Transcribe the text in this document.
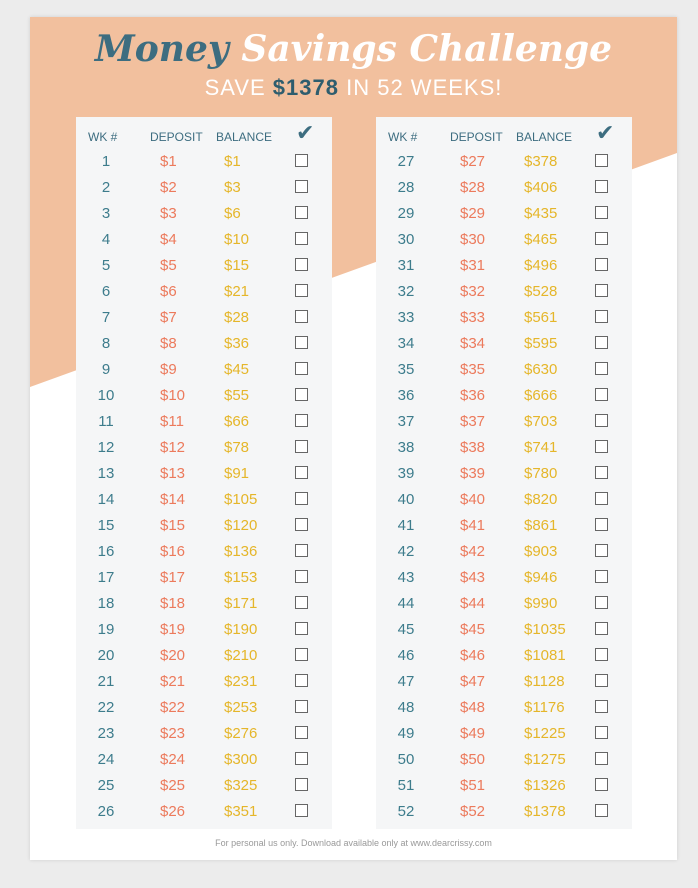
Money Savings Challenge
SAVE $1378 IN 52 WEEKS!
WK #	DEPOSIT BALANCE ✔
1	$1	$1
2	$2	$3
3	$3	$6
4	$4	$10
5	$5	$15
6	$6	$21
7	$7	$28
8	$8	$36
9	$9	$45
10	$10	$55
11	$11	$66
12	$12	$78
13	$13	$91
14	$14	$105
15	$15	$120
16	$16	$136
17	$17	$153
18	$18	$171
19	$19	$190
20	$20	$210
21	$21	$231
22	$22	$253
23	$23	$276
24	$24	$300
25	$25	$325
26	$26	$351
WK #	DEPOSIT BALANCE ✔
27	$27	$378
28	$28	$406
29	$29	$435
30	$30	$465
31	$31	$496
32	$32	$528
33	$33	$561
34	$34	$595
35	$35	$630
36	$36	$666
37	$37	$703
38	$38	$741
39	$39	$780
40	$40	$820
41	$41	$861
42	$42	$903
43	$43	$946
44	$44	$990
45	$45	$1035
46	$46	$1081
47	$47	$1128
48	$48	$1176
49	$49	$1225
50	$50	$1275
51	$51	$1326
52	$52	$1378
For personal us only. Download available only at www.dearcrissy.com
